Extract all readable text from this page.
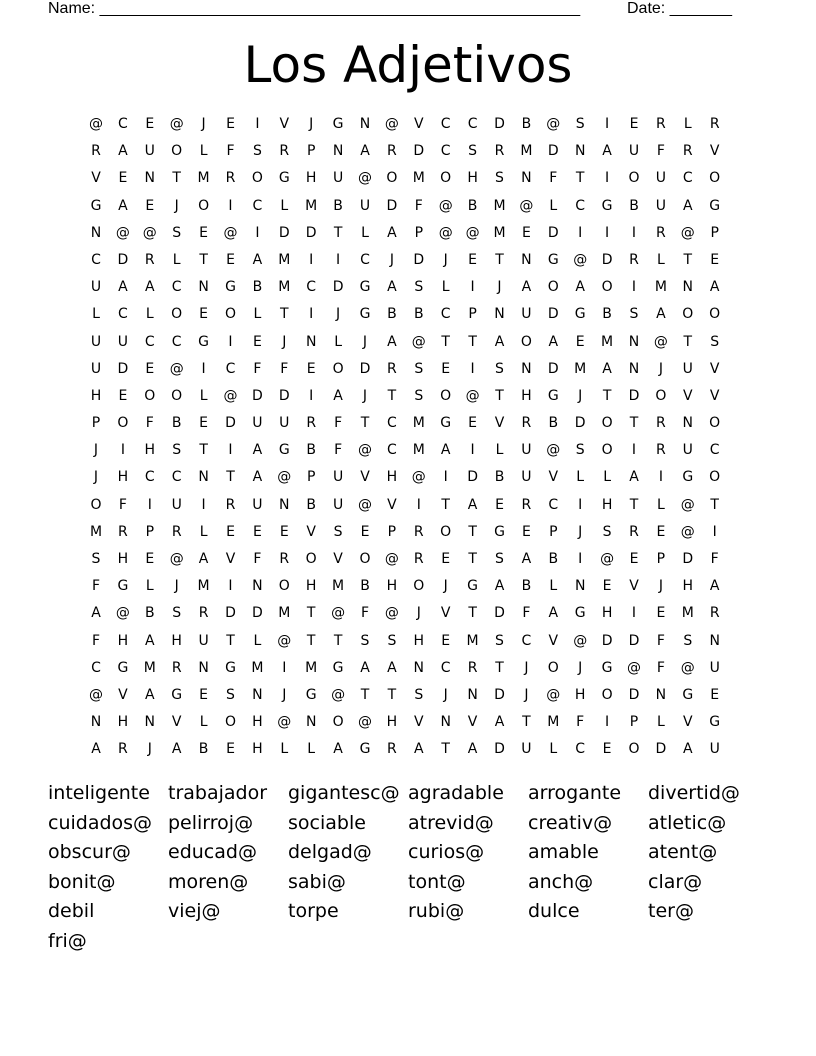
Name: ______________________________________________________	Date: _______
Los Adjetivos
@	C	E	@	J	E	I	V	J	G	N	@	V	C	C	D	B	@	S	I	E	R	L	R
R	A	U	O	L	F	S	R	P	N	A	R	D	C	S	R	M	D	N	A	U	F	R	V
V	E	N	T	M	R	O	G	H	U	@	O	M	O	H	S	N	F	T	I	O	U	C	O
G	A	E	J	O	I	C	L	M	B	U	D	F	@	B	M @	L	C	G	B	U	A	G
N	@ @	S	E	@	I	D	D	T	L	A	P	@ @ M	E	D	I	I	I	R	@	P
C	D	R	L	T	E	A	M	I	I	C	J	D	J	E	T	N	G	@	D	R	L	T	E
U	A	A	C	N	G	B	M	C	D	G	A	S	L	I	J	A	O	A	O	I	M	N	A
L	C	L	O	E	O	L	T	I	J	G	B	B	C	P	N	U	D	G	B	S	A	O	O
U	U	C	C	G	I	E	J	N	L	J	A	@	T	T	A	O	A	E	M	N	@	T	S
U	D	E	@	I	C	F	F	E	O	D	R	S	E	I	S	N	D	M	A	N	J	U	V
H	E	O	O	L	@	D	D	I	A	J	T	S	O	@	T	H	G	J	T	D	O	V	V
P	O	F	B	E	D	U	U	R	F	T	C	M	G	E	V	R	B	D	O	T	R	N	O
J	I	H	S	T	I	A	G	B	F	@	C	M	A	I	L	U	@	S	O	I	R	U	C
J	H	C	C	N	T	A	@	P	U	V	H	@	I	D	B	U	V	L	L	A	I	G	O
O	F	I	U	I	R	U	N	B	U	@	V	I	T	A	E	R	C	I	H	T	L	@	T
M	R	P	R	L	E	E	E	V	S	E	P	R	O	T	G	E	P	J	S	R	E	@	I
S	H	E	@	A	V	F	R	O	V	O	@	R	E	T	S	A	B	I	@	E	P	D	F
F	G	L	J	M	I	N	O	H	M	B	H	O	J	G	A	B	L	N	E	V	J	H	A
A	@	B	S	R	D	D	M	T	@	F	@	J	V	T	D	F	A	G	H	I	E	M	R
F	H	A	H	U	T	L	@	T	T	S	S	H	E	M	S	C	V	@	D	D	F	S	N
C	G	M	R	N	G	M	I	M	G	A	A	N	C	R	T	J	O	J	G	@	F	@	U
@	V	A	G	E	S	N	J	G	@	T	T	S	J	N	D	J	@	H	O	D	N	G	E
N	H	N	V	L	O	H	@	N	O	@	H	V	N	V	A	T	M	F	I	P	L	V	G
A	R	J	A	B	E	H	L	L	A	G	R	A	T	A	D	U	L	C	E	O	D	A	U
inteligente trabajador gigantesc@ agradable arrogante divertid@
cuidados@ pelirroj@ sociable atrevid@ creativ@ atletic@
obscur@ educad@ delgad@ curios@ amable	atent@
bonit@	moren@ sabi@	tont@	anch@	clar@
debil	viej@	torpe	rubi@	dulce	ter@
fri@
